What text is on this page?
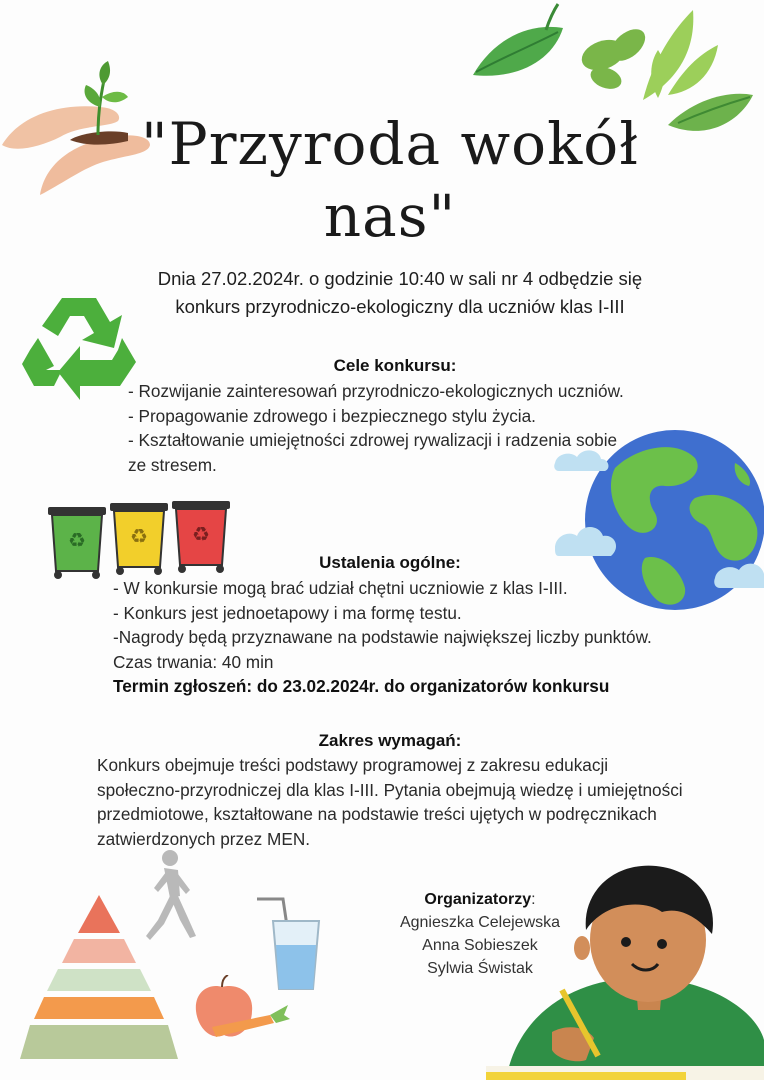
♻ ♻ ♻
"Przyroda wokół nas"
Dnia 27.02.2024r. o godzinie 10:40 w sali nr 4 odbędzie się
konkurs przyrodniczo-ekologiczny dla uczniów klas I-III
Cele konkursu:
- Rozwijanie zainteresowań przyrodniczo-ekologicznych uczniów.
- Propagowanie zdrowego i bezpiecznego stylu życia.
- Kształtowanie umiejętności zdrowej rywalizacji i radzenia sobie
ze stresem.
Ustalenia ogólne:
- W konkursie mogą brać udział chętni uczniowie z klas I-III.
- Konkurs jest jednoetapowy i ma formę testu.
-Nagrody będą przyznawane na podstawie największej liczby punktów.
Czas trwania: 40 min
Termin zgłoszeń: do 23.02.2024r. do organizatorów konkursu
Zakres wymagań:
Konkurs obejmuje treści podstawy programowej z zakresu edukacji
społeczno-przyrodniczej dla klas I-III. Pytania obejmują wiedzę i umiejętności
przedmiotowe, kształtowane na podstawie treści ujętych w podręcznikach
zatwierdzonych przez MEN.
Organizatorzy:
Agnieszka Celejewska
Anna Sobieszek
Sylwia Świstak
